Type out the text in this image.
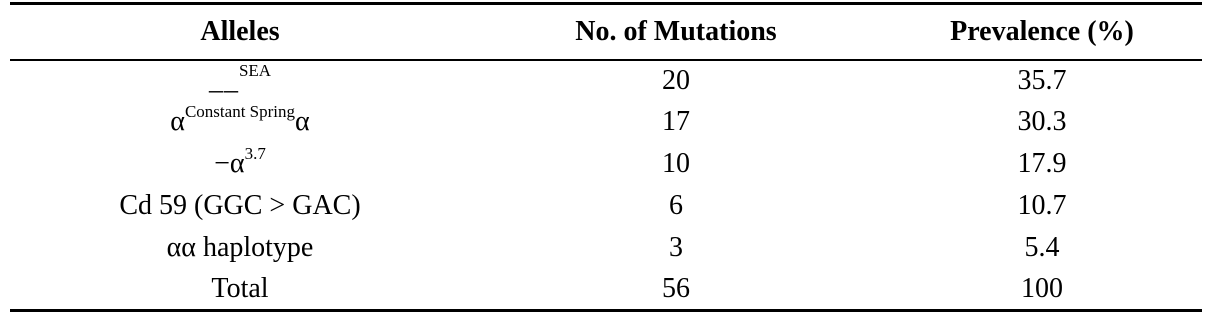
Alleles	No. of Mutations	Prevalence (%)
__$^{SEA}$	20	35.7
$\alpha^{Constant Spring}\alpha$	17	30.3
$-\alpha^{3.7}$	10	17.9
Cd 59 (GGC > GAC)	6	10.7
αα haplotype	3	5.4
Total	56	100
